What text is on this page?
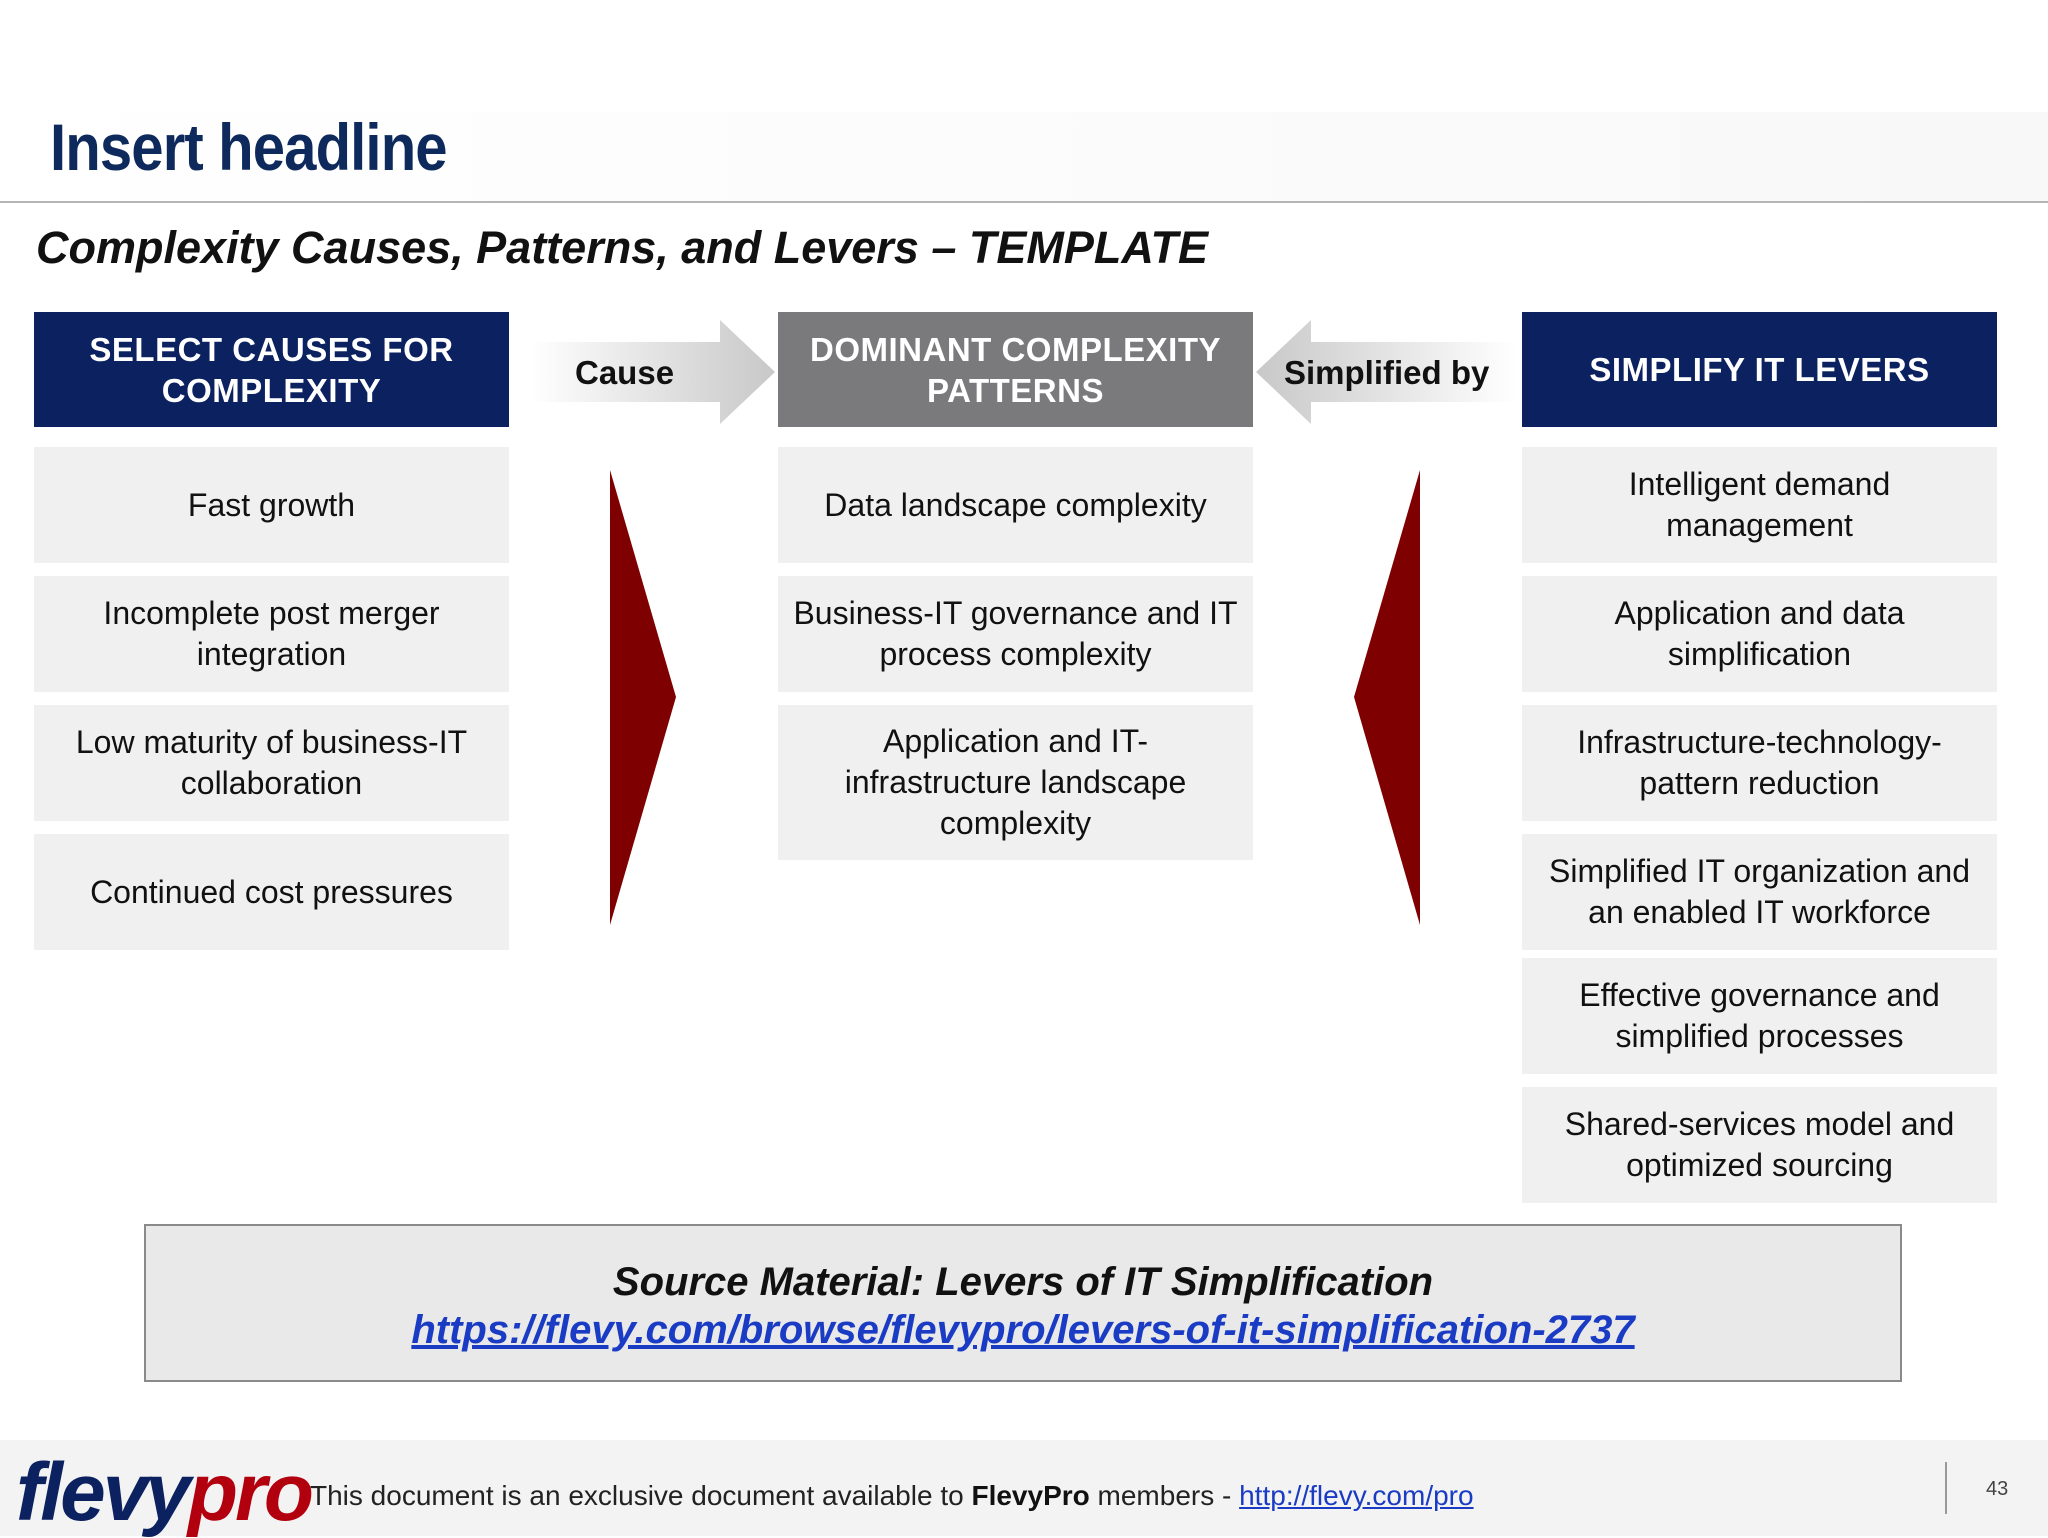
Insert headline
Complexity Causes, Patterns, and Levers – TEMPLATE
SELECT CAUSES FOR COMPLEXITY
DOMINANT COMPLEXITY PATTERNS
SIMPLIFY IT LEVERS
Cause	Simplified by
Fast growth
Incomplete post merger integration
Low maturity of business-IT collaboration
Continued cost pressures
Data landscape complexity
Business-IT governance and IT process complexity
Application and IT-infrastructure landscape complexity
Intelligent demand management
Application and data simplification
Infrastructure-technology-pattern reduction
Simplified IT organization and an enabled IT workforce
Effective governance and simplified processes
Shared-services model and optimized sourcing
Source Material: Levers of IT Simplification
https://flevy.com/browse/flevypro/levers-of-it-simplification-2737
flevypro This document is an exclusive document available to FlevyPro members - http://flevy.com/pro	43
